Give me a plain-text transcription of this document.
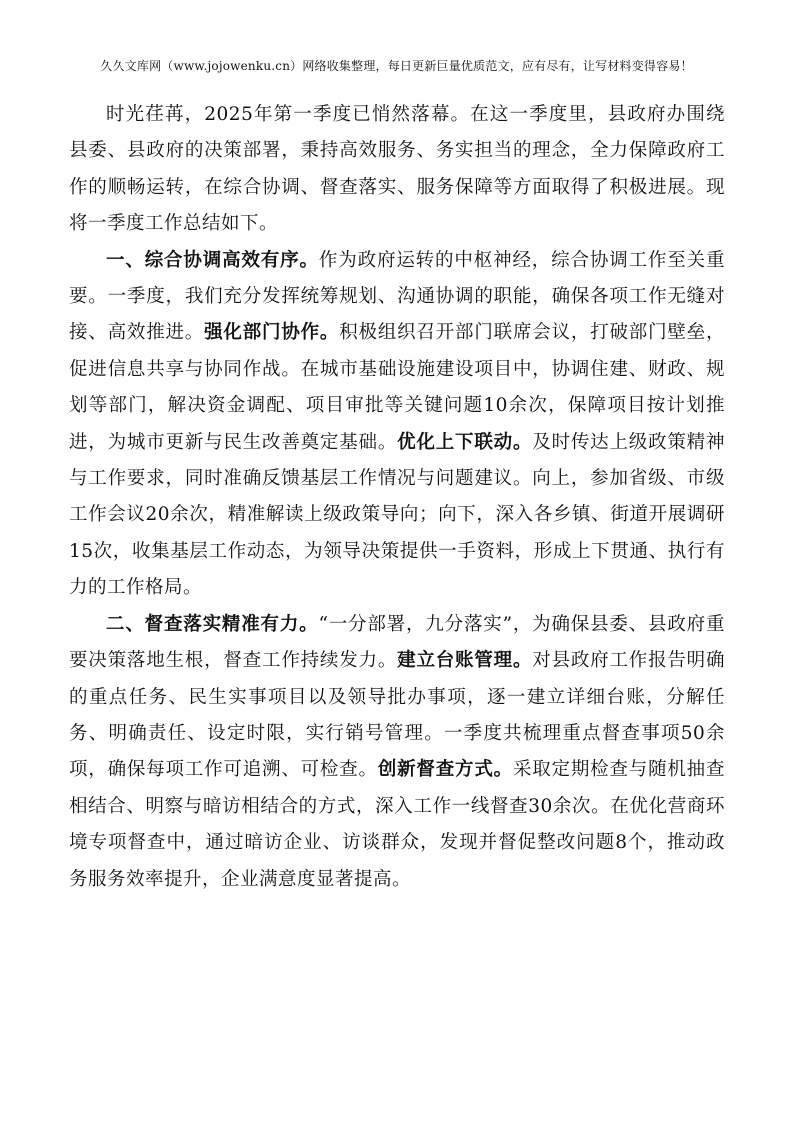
久久文库网（www.jojowenku.cn）网络收集整理，每日更新巨量优质范文，应有尽有，让写材料变得容易！

时光荏苒，2025年第一季度已悄然落幕。在这一季度里，县政府办围绕县委、县政府的决策部署，秉持高效服务、务实担当的理念，全力保障政府工作的顺畅运转，在综合协调、督查落实、服务保障等方面取得了积极进展。现将一季度工作总结如下。

一、综合协调高效有序。作为政府运转的中枢神经，综合协调工作至关重要。一季度，我们充分发挥统筹规划、沟通协调的职能，确保各项工作无缝对接、高效推进。强化部门协作。积极组织召开部门联席会议，打破部门壁垒，促进信息共享与协同作战。在城市基础设施建设项目中，协调住建、财政、规划等部门，解决资金调配、项目审批等关键问题10余次，保障项目按计划推进，为城市更新与民生改善奠定基础。优化上下联动。及时传达上级政策精神与工作要求，同时准确反馈基层工作情况与问题建议。向上，参加省级、市级工作会议20余次，精准解读上级政策导向；向下，深入各乡镇、街道开展调研15次，收集基层工作动态，为领导决策提供一手资料，形成上下贯通、执行有力的工作格局。

二、督查落实精准有力。“一分部署，九分落实”，为确保县委、县政府重要决策落地生根，督查工作持续发力。建立台账管理。对县政府工作报告明确的重点任务、民生实事项目以及领导批办事项，逐一建立详细台账，分解任务、明确责任、设定时限，实行销号管理。一季度共梳理重点督查事项50余项，确保每项工作可追溯、可检查。创新督查方式。采取定期检查与随机抽查相结合、明察与暗访相结合的方式，深入工作一线督查30余次。在优化营商环境专项督查中，通过暗访企业、访谈群众，发现并督促整改问题8个，推动政务服务效率提升，企业满意度显著提高。
